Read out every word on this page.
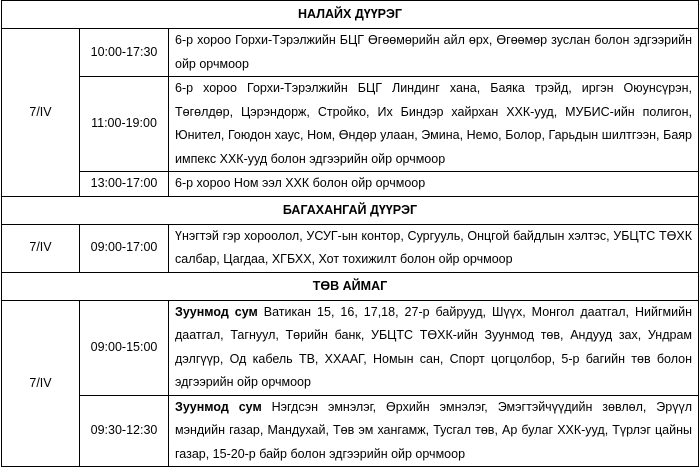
НАЛАЙХ ДҮҮРЭГ		
7/IV	10:00-17:30	6-р хороо Горхи-Тэрэлжийн БЦГ Өгөөмөрийн айл өрх, Өгөөмөр зуслан болон эдгээрийн ойр орчмоор
	11:00-19:00	6-р хороо Горхи-Тэрэлжийн БЦГ Линдинг хана, Баяка трэйд, иргэн Оюунсүрэн, Төгөлдөр, Цэрэндорж, Стройко, Их Биндэр хайрхан ХХК-ууд, МУБИС-ийн полигон, Юнител, Гоюдон хаус, Ном, Өндөр улаан, Эмина, Немо, Болор, Гарьдын шилтгээн, Баяр импекс ХХК-ууд болон эдгээрийн ойр орчмоор
	13:00-17:00	6-р хороо Ном ээл ХХК болон ойр орчмоор
БАГАХАНГАЙ ДҮҮРЭГ		
7/IV	09:00-17:00	Үнэгтэй гэр хороолол, УСУГ-ын контор, Сургууль, Онцгой байдлын хэлтэс, УБЦТС ТӨХК салбар, Цагдаа, ХГБХХ, Хот тохижилт болон ойр орчмоор
ТӨВ АЙМАГ		
7/IV	09:00-15:00	Зуунмод сум Ватикан 15, 16, 17,18, 27-р байрууд, Шүүх, Монгол даатгал, Нийгмийн даатгал, Тагнуул, Төрийн банк, УБЦТС ТӨХК-ийн Зуунмод төв, Андууд зах, Ундрам дэлгүүр, Од кабель ТВ, ХХААГ, Номын сан, Спорт цогцолбор, 5-р багийн төв болон эдгээрийн ойр орчмоор
	09:30-12:30	Зуунмод сум Нэгдсэн эмнэлэг, Өрхийн эмнэлэг, Эмэгтэйчүүдийн зөвлөл, Эрүүл мэндийн газар, Мандухай, Төв эм хангамж, Тусгал төв, Ар булаг ХХК-ууд, Түрлэг цайны газар, 15-20-р байр болон эдгээрийн ойр орчмоор
